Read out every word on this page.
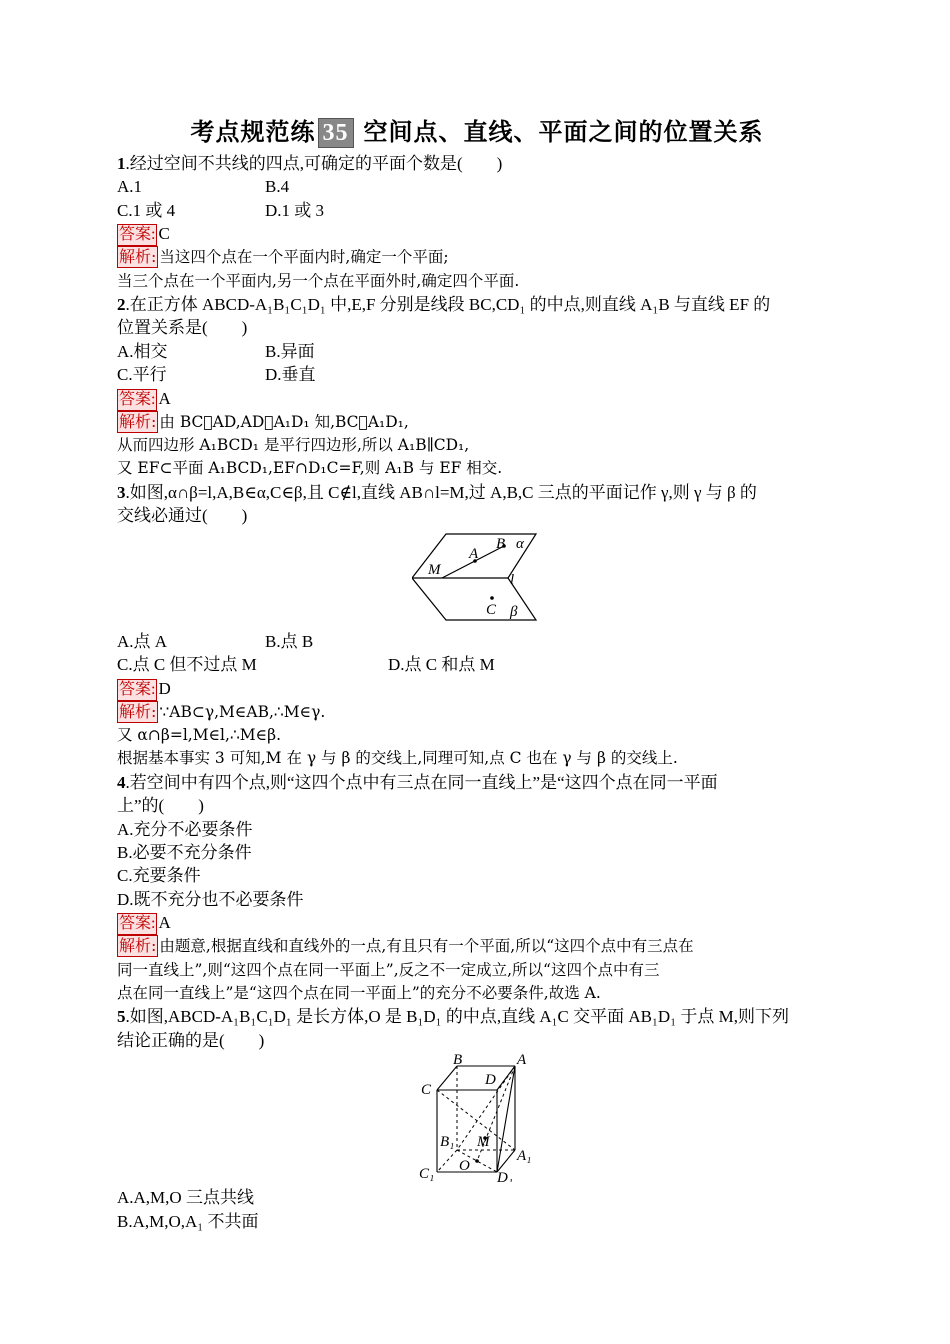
考点规范练 35 空间点、直线、平面之间的位置关系
1.经过空间不共线的四点,可确定的平面个数是(　　)
A.1	B.4
C.1 或 4	D.1 或 3
答案: C
解析: 当这四个点在一个平面内时,确定一个平面;
当三个点在一个平面内,另一个点在平面外时,确定四个平面.
2.在正方体 ABCD-A₁B₁C₁D₁ 中,E,F 分别是线段 BC,CD₁ 的中点,则直线 A₁B 与直线 EF 的
位置关系是(　　)
A.相交	B.异面
C.平行	D.垂直
答案: A
解析: 由 BC􀱀AD,AD􀱀A₁D₁ 知,BC􀱀A₁D₁,
从而四边形 A₁BCD₁ 是平行四边形,所以 A₁B∥CD₁,
又 EF⊂平面 A₁BCD₁,EF∩D₁C=F,则 A₁B 与 EF 相交.
3.如图,α∩β=l,A,B∈α,C∈β,且 C∉l,直线 AB∩l=M,过 A,B,C 三点的平面记作 γ,则 γ 与 β 的
交线必通过(　　)
B α
A
M
l
C β
A.点 A	B.点 B
C.点 C 但不过点 M	D.点 C 和点 M
答案: D
解析: ∵AB⊂γ,M∈AB,∴M∈γ.
又 α∩β=l,M∈l,∴M∈β.
根据基本事实 3 可知,M 在 γ 与 β 的交线上,同理可知,点 C 也在 γ 与 β 的交线上.
4.若空间中有四个点,则“这四个点中有三点在同一直线上”是“这四个点在同一平面
上”的(　　)
A.充分不必要条件
B.必要不充分条件
C.充要条件
D.既不充分也不必要条件
答案: A
解析: 由题意,根据直线和直线外的一点,有且只有一个平面,所以“这四个点中有三点在
同一直线上”,则“这四个点在同一平面上”,反之不一定成立,所以“这四个点中有三
点在同一直线上”是“这四个点在同一平面上”的充分不必要条件,故选 A.
5.如图,ABCD-A₁B₁C₁D₁ 是长方体,O 是 B₁D₁ 的中点,直线 A₁C 交平面 AB₁D₁ 于点 M,则下列
结论正确的是(　　)
B	A
C
D
B₁ M
A₁
C₁ O
D₁
A.A,M,O 三点共线
B.A,M,O,A₁ 不共面
